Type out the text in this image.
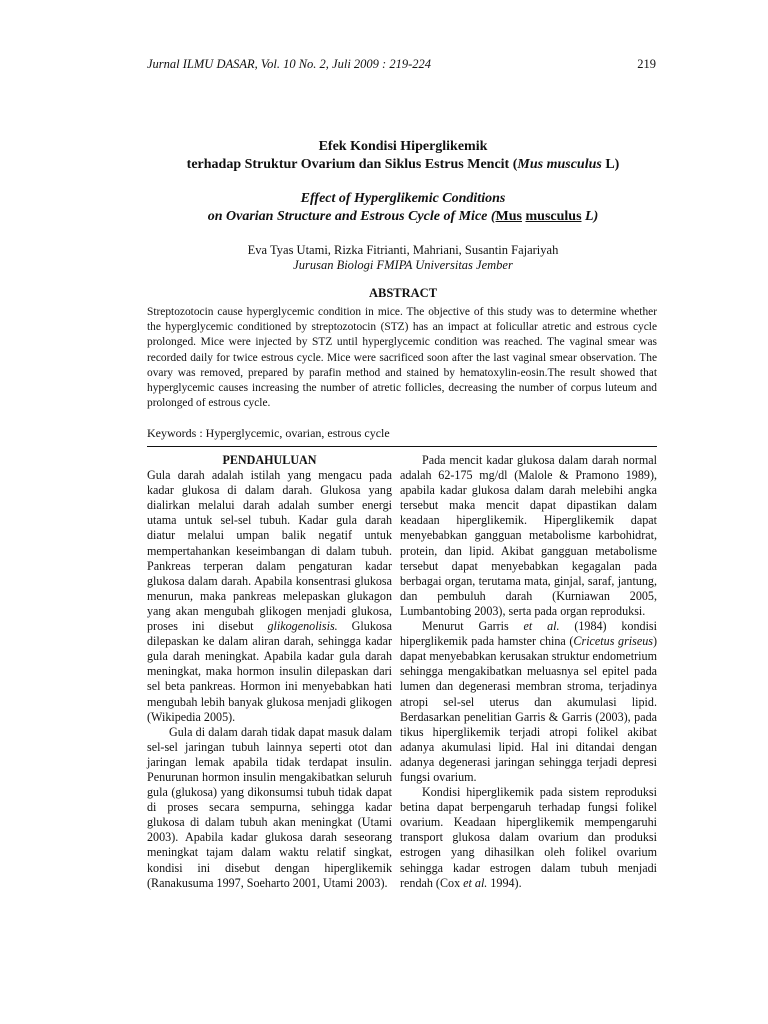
Jurnal ILMU DASAR, Vol. 10 No. 2, Juli 2009 : 219-224	219
Efek Kondisi Hiperglikemik
terhadap Struktur Ovarium dan Siklus Estrus Mencit (Mus musculus L)
Effect of Hyperglikemic Conditions
on Ovarian Structure and Estrous Cycle of Mice (Mus musculus L)
Eva Tyas Utami, Rizka Fitrianti, Mahriani, Susantin Fajariyah
Jurusan Biologi FMIPA Universitas Jember
ABSTRACT
Streptozotocin cause hyperglycemic condition in mice. The objective of this study was to determine whether the hyperglycemic conditioned by streptozotocin (STZ) has an impact at folicullar atretic and estrous cycle prolonged. Mice were injected by STZ until hyperglycemic condition was reached. The vaginal smear was recorded daily for twice estrous cycle. Mice were sacrificed soon after the last vaginal smear observation. The ovary was removed, prepared by parafin method and stained by hematoxylin-eosin.The result showed that hyperglycemic causes increasing the number of atretic follicles, decreasing the number of corpus luteum and prolonged of estrous cycle.
Keywords : Hyperglycemic, ovarian, estrous cycle

PENDAHULUAN

Gula darah adalah istilah yang mengacu pada kadar glukosa di dalam darah. Glukosa yang dialirkan melalui darah adalah sumber energi utama untuk sel-sel tubuh. Kadar gula darah diatur melalui umpan balik negatif untuk mempertahankan keseimbangan di dalam tubuh. Pankreas terperan dalam pengaturan kadar glukosa dalam darah. Apabila konsentrasi glukosa menurun, maka pankreas melepaskan glukagon yang akan mengubah glikogen menjadi glukosa, proses ini disebut glikogenolisis. Glukosa dilepaskan ke dalam aliran darah, sehingga kadar gula darah meningkat. Apabila kadar gula darah meningkat, maka hormon insulin dilepaskan dari sel beta pankreas. Hormon ini menyebabkan hati mengubah lebih banyak glukosa menjadi glikogen (Wikipedia 2005).

Gula di dalam darah tidak dapat masuk dalam sel-sel jaringan tubuh lainnya seperti otot dan jaringan lemak apabila tidak terdapat insulin. Penurunan hormon insulin mengakibatkan seluruh gula (glukosa) yang dikonsumsi tubuh tidak dapat di proses secara sempurna, sehingga kadar glukosa di dalam tubuh akan meningkat (Utami 2003). Apabila kadar glukosa darah seseorang meningkat tajam dalam waktu relatif singkat, kondisi ini disebut dengan hiperglikemik (Ranakusuma 1997, Soeharto 2001, Utami 2003).

Pada mencit kadar glukosa dalam darah normal adalah 62-175 mg/dl (Malole & Pramono 1989), apabila kadar glukosa dalam darah melebihi angka tersebut maka mencit dapat dipastikan dalam keadaan hiperglikemik. Hiperglikemik dapat menyebabkan gangguan metabolisme karbohidrat, protein, dan lipid. Akibat gangguan metabolisme tersebut dapat menyebabkan kegagalan pada berbagai organ, terutama mata, ginjal, saraf, jantung, dan pembuluh darah (Kurniawan 2005, Lumbantobing 2003), serta pada organ reproduksi.

Menurut Garris et al. (1984) kondisi hiperglikemik pada hamster china (Cricetus griseus) dapat menyebabkan kerusakan struktur endometrium sehingga mengakibatkan meluasnya sel epitel pada lumen dan degenerasi membran stroma, terjadinya atropi sel-sel uterus dan akumulasi lipid. Berdasarkan penelitian Garris & Garris (2003), pada tikus hiperglikemik terjadi atropi folikel akibat adanya akumulasi lipid. Hal ini ditandai dengan adanya degenerasi jaringan sehingga terjadi depresi fungsi ovarium.

Kondisi hiperglikemik pada sistem reproduksi betina dapat berpengaruh terhadap fungsi folikel ovarium. Keadaan hiperglikemik mempengaruhi transport glukosa dalam ovarium dan produksi estrogen yang dihasilkan oleh folikel ovarium sehingga kadar estrogen dalam tubuh menjadi rendah (Cox et al. 1994).
